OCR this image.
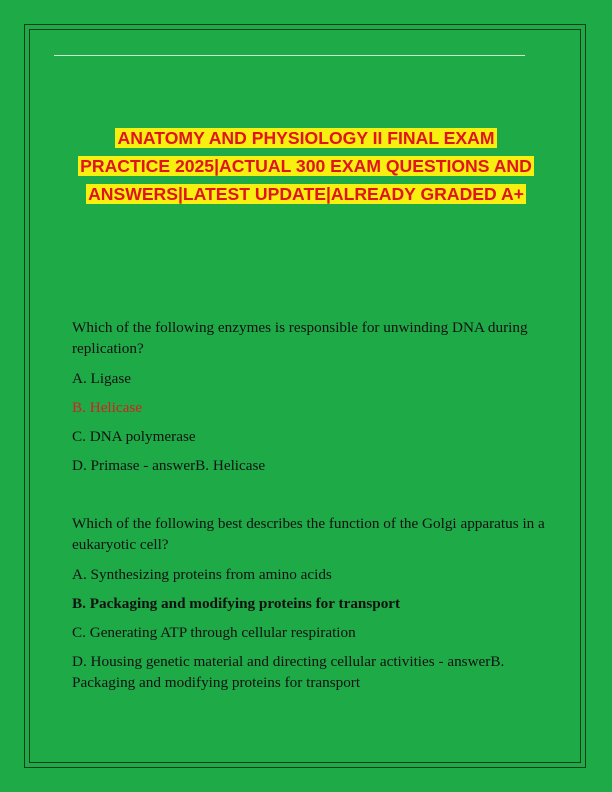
ANATOMY AND PHYSIOLOGY II FINAL EXAM PRACTICE 2025|ACTUAL 300 EXAM QUESTIONS AND ANSWERS|LATEST UPDATE|ALREADY GRADED A+

Which of the following enzymes is responsible for unwinding DNA during replication?

A. Ligase

B. Helicase

C. DNA polymerase

D. Primase - answerB. Helicase

Which of the following best describes the function of the Golgi apparatus in a eukaryotic cell?

A. Synthesizing proteins from amino acids

B. Packaging and modifying proteins for transport

C. Generating ATP through cellular respiration

D. Housing genetic material and directing cellular activities - answerB. Packaging and modifying proteins for transport
